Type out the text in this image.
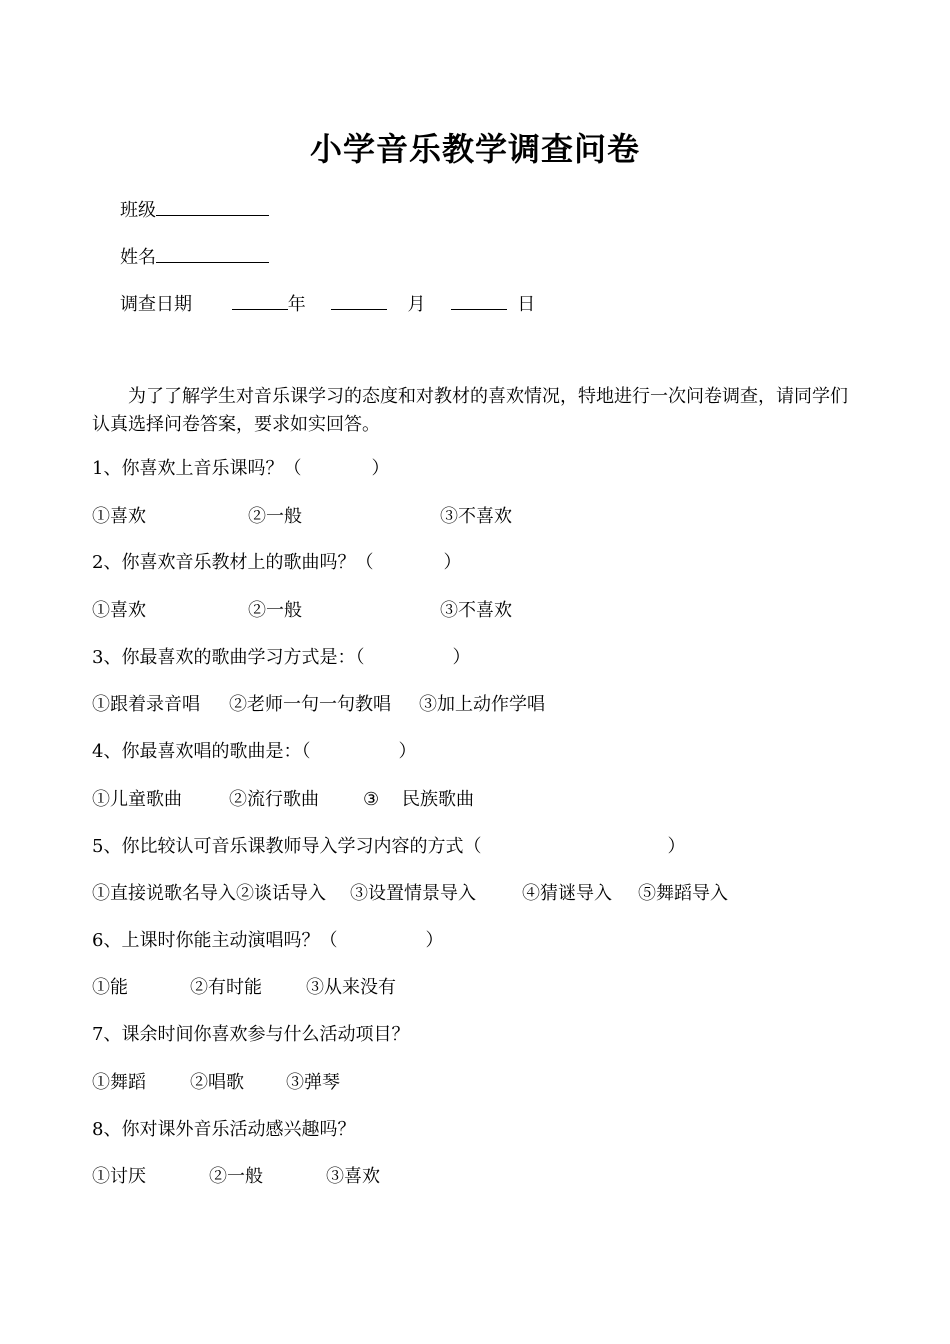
小学音乐教学调查问卷
班级
姓名
调查日期	年	月	日
为了了解学生对音乐课学习的态度和对教材的喜欢情况，特地进行一次问卷调查，请同学们认真选择问卷答案，要求如实回答。
1、你喜欢上音乐课吗？（	）
①喜欢	②一般	③不喜欢
2、你喜欢音乐教材上的歌曲吗？（	）
①喜欢	②一般	③不喜欢
3、你最喜欢的歌曲学习方式是：（	）
①跟着录音唱 ②老师一句一句教唱 ③加上动作学唱
4、你最喜欢唱的歌曲是：（	）
①儿童歌曲	②流行歌曲 ③ 民族歌曲
5、你比较认可音乐课教师导入学习内容的方式（	）
①直接说歌名导入②谈话导入 ③设置情景导入	④猜谜导入 ⑤舞蹈导入
6、上课时你能主动演唱吗？（	）
①能	②有时能 ③从来没有
7、课余时间你喜欢参与什么活动项目？
①舞蹈 ②唱歌 ③弹琴
8、你对课外音乐活动感兴趣吗？
①讨厌	②一般	③喜欢
